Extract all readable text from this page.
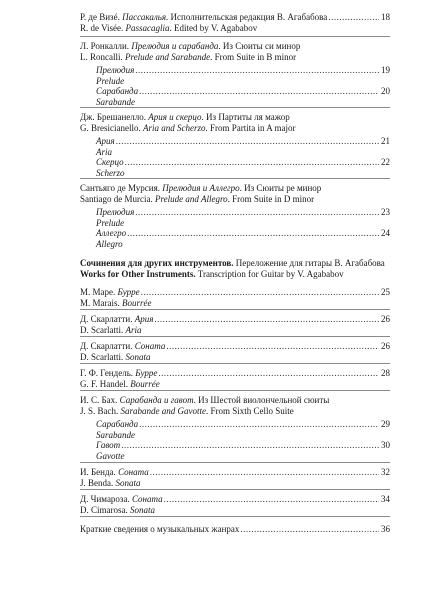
Р. де Визé. Пассакалья. Исполнительская редакция В. Агабабова .....	18
R. de Visée. Passacaglia. Edited by V. Agababov
Л. Ронкалли. Прелюдия и сарабанда. Из Сюиты си минор
L. Roncalli. Prelude and Sarabande. From Suite in B minor
Прелюдия .....	19
Prelude
Сарабанда .....	20
Sarabande
Дж. Брешанелло. Ария и скерцо. Из Партиты ля мажор
G. Bresicianello. Aria and Scherzo. From Partita in A major
Ария .....	21
Aria
Скерцо .....	22
Scherzo
Сантьяго де Мурсия. Прелюдия и Аллегро. Из Сюиты ре минор
Santiago de Murcia. Prelude and Allegro. From Suite in D minor
Прелюдия .....	23
Prelude
Аллегро .....	24
Allegro
Сочинения для других инструментов. Переложение для гитары В. Агабабова
Works for Other Instruments. Transcription for Guitar by V. Agababov
М. Маре. Бурре .....	25
M. Marais. Bourrée
Д. Скарлатти. Ария .....	26
D. Scarlatti. Aria
Д. Скарлатти. Соната .....	26
D. Scarlatti. Sonata
Г. Ф. Гендель. Бурре .....	28
G. F. Handel. Bourrée
И. С. Бах. Сарабанда и гавот. Из Шестой виолончельной сюиты
J. S. Bach. Sarabande and Gavotte. From Sixth Cello Suite
Сарабанда .....	29
Sarabande
Гавот .....	30
Gavotte
И. Бенда. Соната .....	32
J. Benda. Sonata
Д. Чимароза. Соната .....	34
D. Cimarosa. Sonata
Краткие сведения о музыкальных жанрах .....	36
